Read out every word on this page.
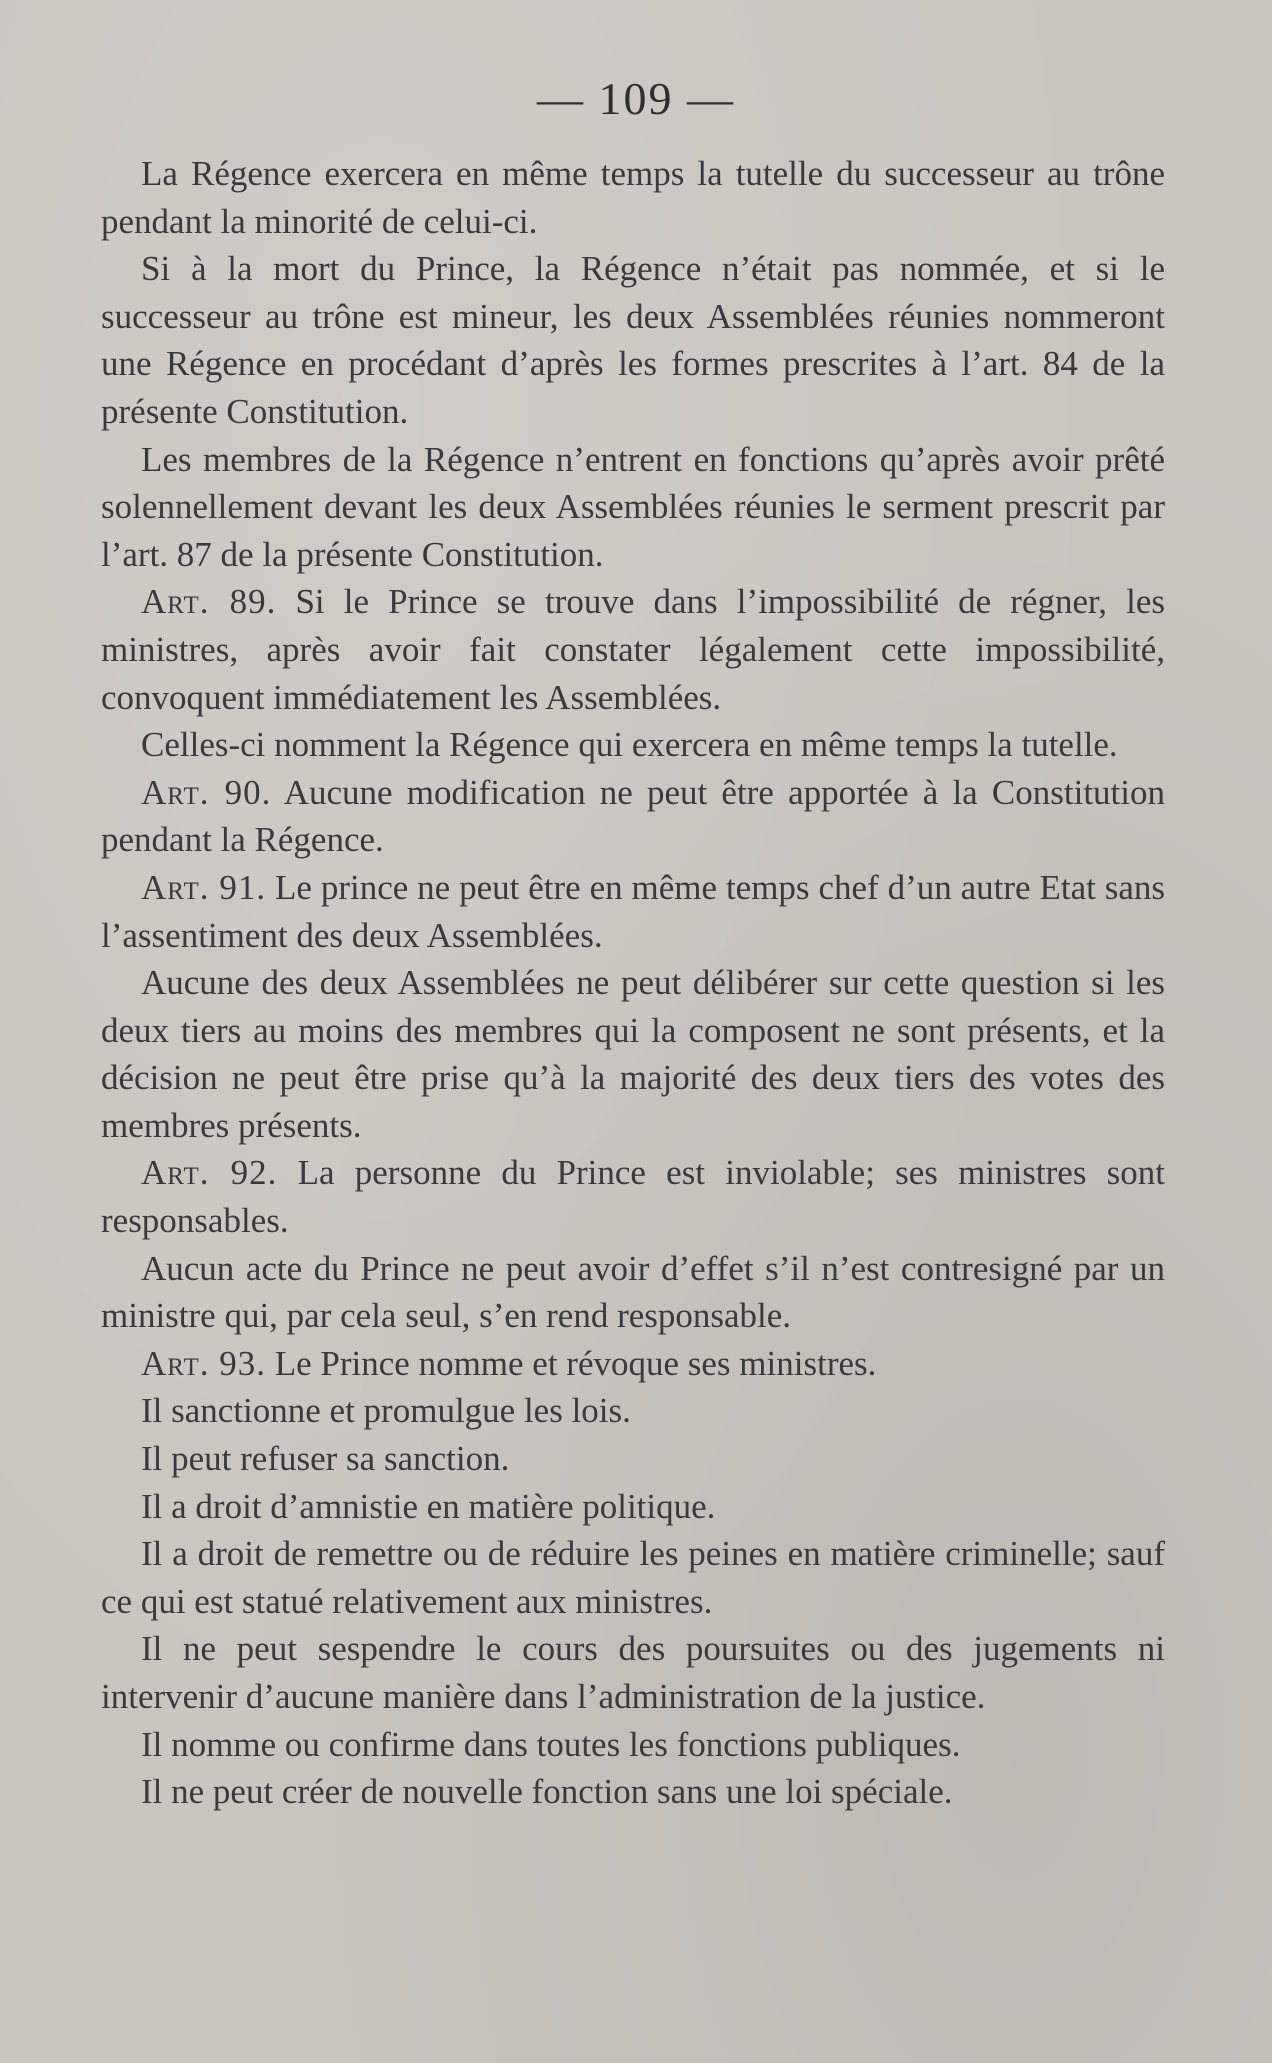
— 109 —

La Régence exercera en même temps la tutelle du successeur au trône pendant la minorité de celui-ci.

Si à la mort du Prince, la Régence n’était pas nommée, et si le successeur au trône est mineur, les deux Assemblées réunies nommeront une Régence en procédant d’après les formes prescrites à l’art. 84 de la présente Constitution.

Les membres de la Régence n’entrent en fonctions qu’après avoir prêté solennellement devant les deux Assemblées réunies le serment prescrit par l’art. 87 de la présente Constitution.

Art. 89. Si le Prince se trouve dans l’impossibilité de régner, les ministres, après avoir fait constater légalement cette impossibilité, convoquent immédiatement les Assemblées.

Celles-ci nomment la Régence qui exercera en même temps la tutelle.

Art. 90. Aucune modification ne peut être apportée à la Constitution pendant la Régence.

Art. 91. Le prince ne peut être en même temps chef d’un autre Etat sans l’assentiment des deux Assemblées.

Aucune des deux Assemblées ne peut délibérer sur cette question si les deux tiers au moins des membres qui la composent ne sont présents, et la décision ne peut être prise qu’à la majorité des deux tiers des votes des membres présents.

Art. 92. La personne du Prince est inviolable; ses ministres sont responsables.

Aucun acte du Prince ne peut avoir d’effet s’il n’est contresigné par un ministre qui, par cela seul, s’en rend responsable.

Art. 93. Le Prince nomme et révoque ses ministres.

Il sanctionne et promulgue les lois.

Il peut refuser sa sanction.

Il a droit d’amnistie en matière politique.

Il a droit de remettre ou de réduire les peines en matière criminelle; sauf ce qui est statué relativement aux ministres.

Il ne peut sespendre le cours des poursuites ou des jugements ni intervenir d’aucune manière dans l’administration de la justice.

Il nomme ou confirme dans toutes les fonctions publiques.

Il ne peut créer de nouvelle fonction sans une loi spéciale.
